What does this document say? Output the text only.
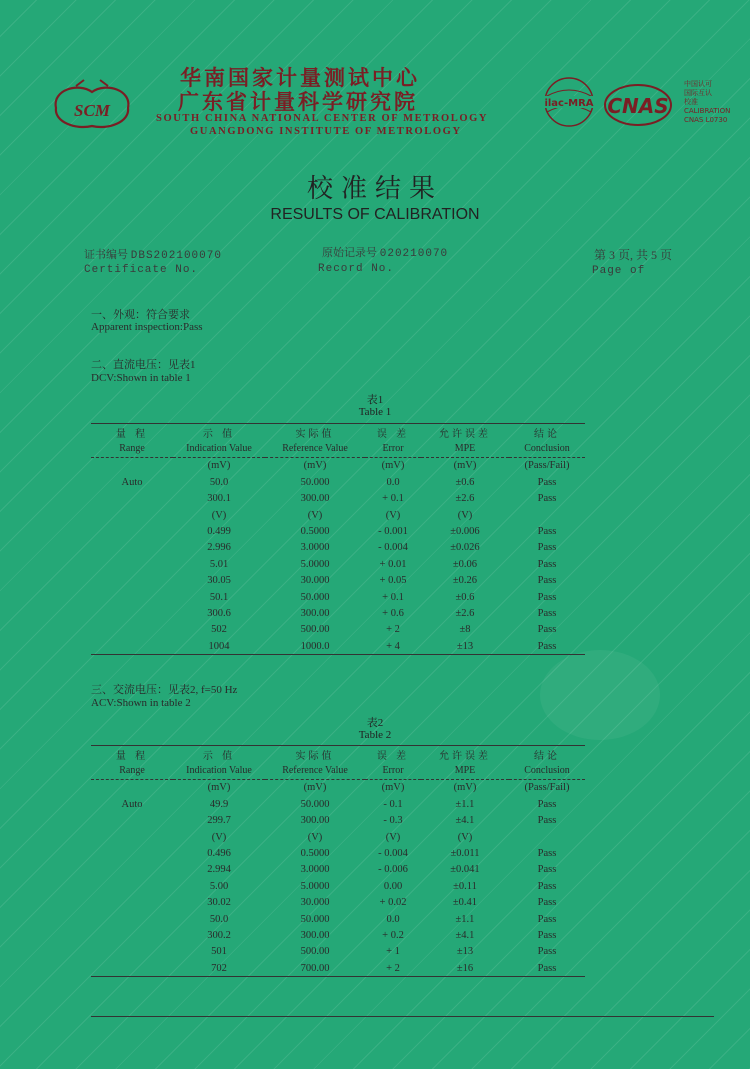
SCM
华南国家计量测试中心
广东省计量科学研究院
SOUTH CHINA NATIONAL CENTER OF METROLOGY
GUANGDONG INSTITUTE OF METROLOGY
ilac-MRA CNAS
中国认可
国际互认
校准
CALIBRATION
CNAS L0730
校准结果
RESULTS OF CALIBRATION
证书编号 DBS202100070
Certificate No.
原始记录号 020210070
Record No.
第 3 页, 共 5 页
Page of
一、外观：符合要求
Apparent inspection:Pass
二、直流电压：见表1
DCV:Shown in table 1
表1
Table 1
量 程	示 值	实际值	误 差	允许误差	结论
Range	Indication Value	Reference Value	Error	MPE	Conclusion
	(mV)	(mV)	(mV)	(mV)	(Pass/Fail)
Auto	50.0	50.000	0.0	±0.6	Pass
	300.1	300.00	+ 0.1	±2.6	Pass
	(V)	(V)	(V)	(V)	
	0.499	0.5000	- 0.001	±0.006	Pass
	2.996	3.0000	- 0.004	±0.026	Pass
	5.01	5.0000	+ 0.01	±0.06	Pass
	30.05	30.000	+ 0.05	±0.26	Pass
	50.1	50.000	+ 0.1	±0.6	Pass
	300.6	300.00	+ 0.6	±2.6	Pass
	502	500.00	+ 2	±8	Pass
	1004	1000.0	+ 4	±13	Pass
三、交流电压：见表2, f=50 Hz
ACV:Shown in table 2
表2
Table 2
量 程	示 值	实际值	误 差	允许误差	结论
Range	Indication Value	Reference Value	Error	MPE	Conclusion
	(mV)	(mV)	(mV)	(mV)	(Pass/Fail)
Auto	49.9	50.000	- 0.1	±1.1	Pass
	299.7	300.00	- 0.3	±4.1	Pass
	(V)	(V)	(V)	(V)	
	0.496	0.5000	- 0.004	±0.011	Pass
	2.994	3.0000	- 0.006	±0.041	Pass
	5.00	5.0000	0.00	±0.11	Pass
	30.02	30.000	+ 0.02	±0.41	Pass
	50.0	50.000	0.0	±1.1	Pass
	300.2	300.00	+ 0.2	±4.1	Pass
	501	500.00	+ 1	±13	Pass
	702	700.00	+ 2	±16	Pass
